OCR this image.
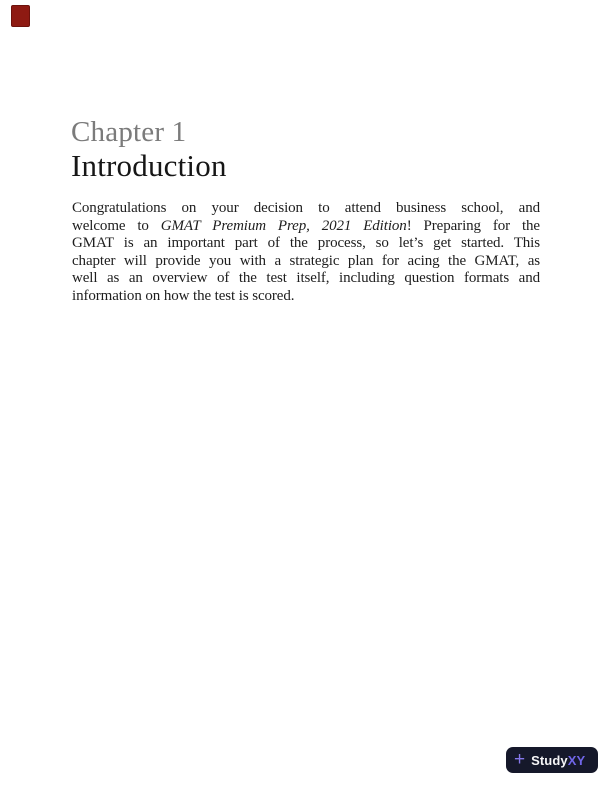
Chapter 1
Introduction
Congratulations on your decision to attend business school, and
welcome to GMAT Premium Prep, 2021 Edition! Preparing for the
GMAT is an important part of the process, so let’s get started. This
chapter will provide you with a strategic plan for acing the GMAT, as
well as an overview of the test itself, including question formats and
information on how the test is scored.
+ Study XY
